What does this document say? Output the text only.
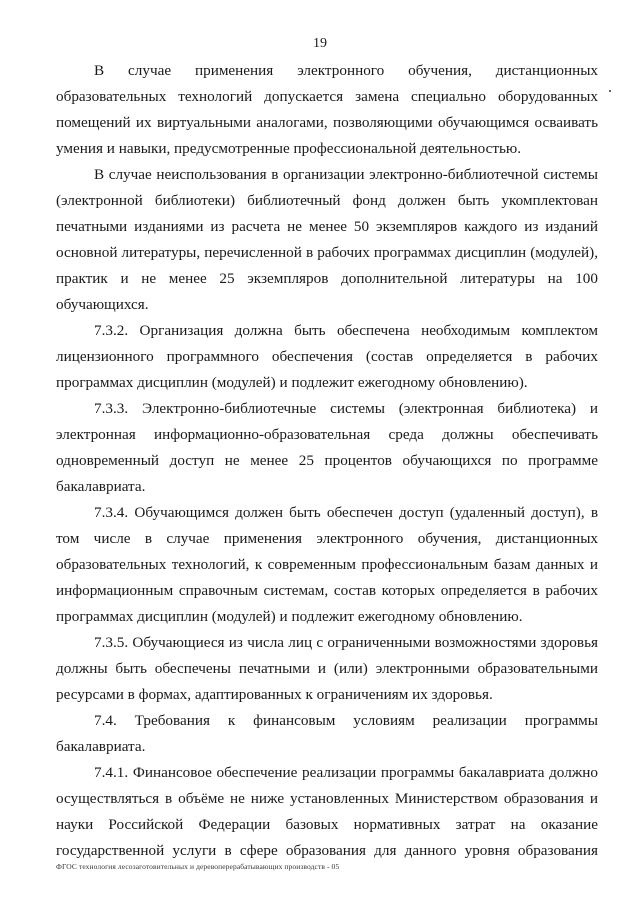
19

В случае применения электронного обучения, дистанционных образовательных технологий допускается замена специально оборудованных помещений их виртуальными аналогами, позволяющими обучающимся осваивать умения и навыки, предусмотренные профессиональной деятельностью.

В случае неиспользования в организации электронно-библиотечной системы (электронной библиотеки) библиотечный фонд должен быть укомплектован печатными изданиями из расчета не менее 50 экземпляров каждого из изданий основной литературы, перечисленной в рабочих программах дисциплин (модулей), практик и не менее 25 экземпляров дополнительной литературы на 100 обучающихся.

7.3.2. Организация должна быть обеспечена необходимым комплектом лицензионного программного обеспечения (состав определяется в рабочих программах дисциплин (модулей) и подлежит ежегодному обновлению).

7.3.3. Электронно-библиотечные системы (электронная библиотека) и электронная информационно-образовательная среда должны обеспечивать одновременный доступ не менее 25 процентов обучающихся по программе бакалавриата.

7.3.4. Обучающимся должен быть обеспечен доступ (удаленный доступ), в том числе в случае применения электронного обучения, дистанционных образовательных технологий, к современным профессиональным базам данных и информационным справочным системам, состав которых определяется в рабочих программах дисциплин (модулей) и подлежит ежегодному обновлению.

7.3.5. Обучающиеся из числа лиц с ограниченными возможностями здоровья должны быть обеспечены печатными и (или) электронными образовательными ресурсами в формах, адаптированных к ограничениям их здоровья.

7.4. Требования к финансовым условиям реализации программы бакалавриата.

7.4.1. Финансовое обеспечение реализации программы бакалавриата должно осуществляться в объёме не ниже установленных Министерством образования и науки Российской Федерации базовых нормативных затрат на оказание государственной услуги в сфере образования для данного уровня образования

ФГОС технология лесозаготовительных и деревоперерабатывающих производств - 05
